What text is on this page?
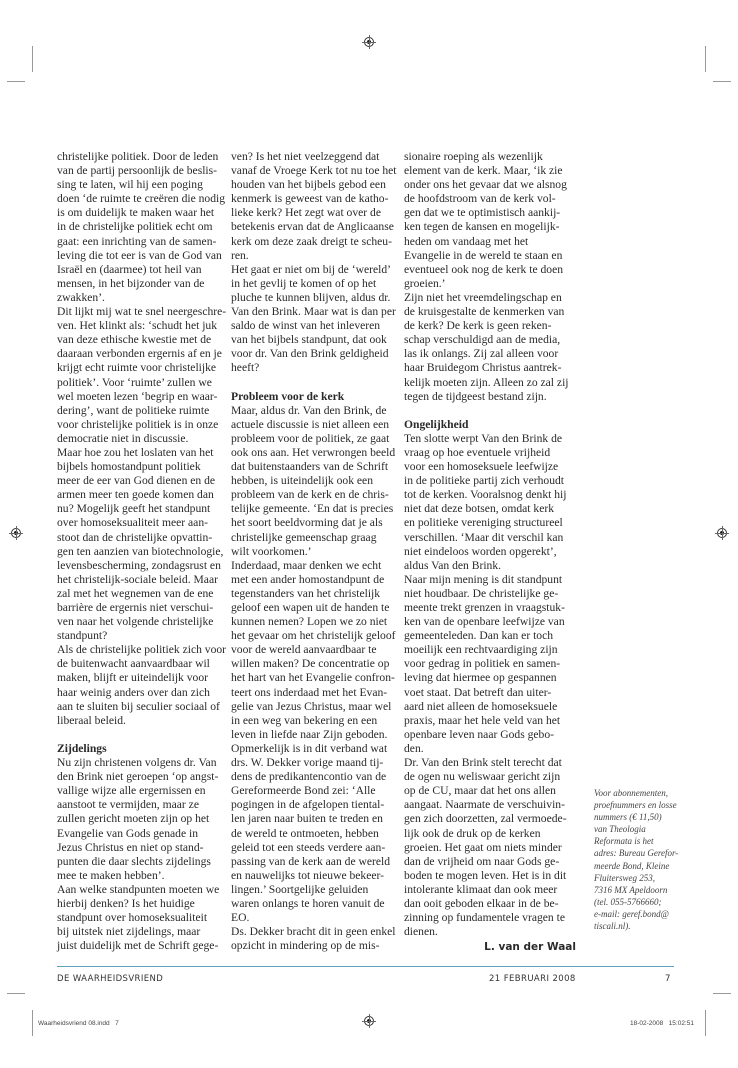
christelijke politiek. Door de leden
van de partij persoonlijk de beslis-
sing te laten, wil hij een poging
doen ‘de ruimte te creëren die nodig
is om duidelijk te maken waar het
in de christelijke politiek echt om
gaat: een inrichting van de samen-
leving die tot eer is van de God van
Israël en (daarmee) tot heil van
mensen, in het bijzonder van de
zwakken’.
Dit lijkt mij wat te snel neergeschre-
ven. Het klinkt als: ‘schudt het juk
van deze ethische kwestie met de
daaraan verbonden ergernis af en je
krijgt echt ruimte voor christelijke
politiek’. Voor ‘ruimte’ zullen we
wel moeten lezen ‘begrip en waar-
dering’, want de politieke ruimte
voor christelijke politiek is in onze
democratie niet in discussie.
Maar hoe zou het loslaten van het
bijbels homostandpunt politiek
meer de eer van God dienen en de
armen meer ten goede komen dan
nu? Mogelijk geeft het standpunt
over homoseksualiteit meer aan-
stoot dan de christelijke opvattin-
gen ten aanzien van biotechnologie,
levensbescherming, zondagsrust en
het christelijk-sociale beleid. Maar
zal met het wegnemen van de ene
barrière de ergernis niet verschui-
ven naar het volgende christelijke
standpunt?
Als de christelijke politiek zich voor
de buitenwacht aanvaardbaar wil
maken, blijft er uiteindelijk voor
haar weinig anders over dan zich
aan te sluiten bij seculier sociaal of
liberaal beleid.
Zijdelings
Nu zijn christenen volgens dr. Van
den Brink niet geroepen ‘op angst-
vallige wijze alle ergernissen en
aanstoot te vermijden, maar ze
zullen gericht moeten zijn op het
Evangelie van Gods genade in
Jezus Christus en niet op stand-
punten die daar slechts zijdelings
mee te maken hebben’.
Aan welke standpunten moeten we
hierbij denken? Is het huidige
standpunt over homoseksualiteit
bij uitstek niet zijdelings, maar
juist duidelijk met de Schrift gege-
ven? Is het niet veelzeggend dat
vanaf de Vroege Kerk tot nu toe het
houden van het bijbels gebod een
kenmerk is geweest van de katho-
lieke kerk? Het zegt wat over de
betekenis ervan dat de Anglicaanse
kerk om deze zaak dreigt te scheu-
ren.
Het gaat er niet om bij de ‘wereld’
in het gevlij te komen of op het
pluche te kunnen blijven, aldus dr.
Van den Brink. Maar wat is dan per
saldo de winst van het inleveren
van het bijbels standpunt, dat ook
voor dr. Van den Brink geldigheid
heeft?
Probleem voor de kerk
Maar, aldus dr. Van den Brink, de
actuele discussie is niet alleen een
probleem voor de politiek, ze gaat
ook ons aan. Het verwrongen beeld
dat buitenstaanders van de Schrift
hebben, is uiteindelijk ook een
probleem van de kerk en de chris-
telijke gemeente. ‘En dat is precies
het soort beeldvorming dat je als
christelijke gemeenschap graag
wilt voorkomen.’
Inderdaad, maar denken we echt
met een ander homostandpunt de
tegenstanders van het christelijk
geloof een wapen uit de handen te
kunnen nemen? Lopen we zo niet
het gevaar om het christelijk geloof
voor de wereld aanvaardbaar te
willen maken? De concentratie op
het hart van het Evangelie confron-
teert ons inderdaad met het Evan-
gelie van Jezus Christus, maar wel
in een weg van bekering en een
leven in liefde naar Zijn geboden.
Opmerkelijk is in dit verband wat
drs. W. Dekker vorige maand tij-
dens de predikantencontio van de
Gereformeerde Bond zei: ‘Alle
pogingen in de afgelopen tiental-
len jaren naar buiten te treden en
de wereld te ontmoeten, hebben
geleid tot een steeds verdere aan-
passing van de kerk aan de wereld
en nauwelijks tot nieuwe bekeer-
lingen.’ Soortgelijke geluiden
waren onlangs te horen vanuit de
EO.
Ds. Dekker bracht dit in geen enkel
opzicht in mindering op de mis-
sionaire roeping als wezenlijk
element van de kerk. Maar, ‘ik zie
onder ons het gevaar dat we alsnog
de hoofdstroom van de kerk vol-
gen dat we te optimistisch aankij-
ken tegen de kansen en mogelijk-
heden om vandaag met het
Evangelie in de wereld te staan en
eventueel ook nog de kerk te doen
groeien.’
Zijn niet het vreemdelingschap en
de kruisgestalte de kenmerken van
de kerk? De kerk is geen reken-
schap verschuldigd aan de media,
las ik onlangs. Zij zal alleen voor
haar Bruidegom Christus aantrek-
kelijk moeten zijn. Alleen zo zal zij
tegen de tijdgeest bestand zijn.
Ongelijkheid
Ten slotte werpt Van den Brink de
vraag op hoe eventuele vrijheid
voor een homoseksuele leefwijze
in de politieke partij zich verhoudt
tot de kerken. Vooralsnog denkt hij
niet dat deze botsen, omdat kerk
en politieke vereniging structureel
verschillen. ‘Maar dit verschil kan
niet eindeloos worden opgerekt’,
aldus Van den Brink.
Naar mijn mening is dit standpunt
niet houdbaar. De christelijke ge-
meente trekt grenzen in vraagstuk-
ken van de openbare leefwijze van
gemeenteleden. Dan kan er toch
moeilijk een rechtvaardiging zijn
voor gedrag in politiek en samen-
leving dat hiermee op gespannen
voet staat. Dat betreft dan uiter-
aard niet alleen de homoseksuele
praxis, maar het hele veld van het
openbare leven naar Gods gebo-
den.
Dr. Van den Brink stelt terecht dat
de ogen nu weliswaar gericht zijn
op de CU, maar dat het ons allen
aangaat. Naarmate de verschuivin-
gen zich doorzetten, zal vermoede-
lijk ook de druk op de kerken
groeien. Het gaat om niets minder
dan de vrijheid om naar Gods ge-
boden te mogen leven. Het is in dit
intolerante klimaat dan ook meer
dan ooit geboden elkaar in de be-
zinning op fundamentele vragen te
dienen.
L. van der Waal
Voor abonnementen,
proefnummers en losse
nummers (€ 11,50)
van Theologia
Reformata is het
adres: Bureau Gerefor-
meerde Bond, Kleine
Fluitersweg 253,
7316 MX Apeldoorn
(tel. 055-5766660;
e-mail: geref.bond@
tiscali.nl).
DE WAARHEIDSVRIEND	21 FEBRUARI 2008	7
Waarheidsvriend 08.indd   7	18-02-2008   15:02:51
